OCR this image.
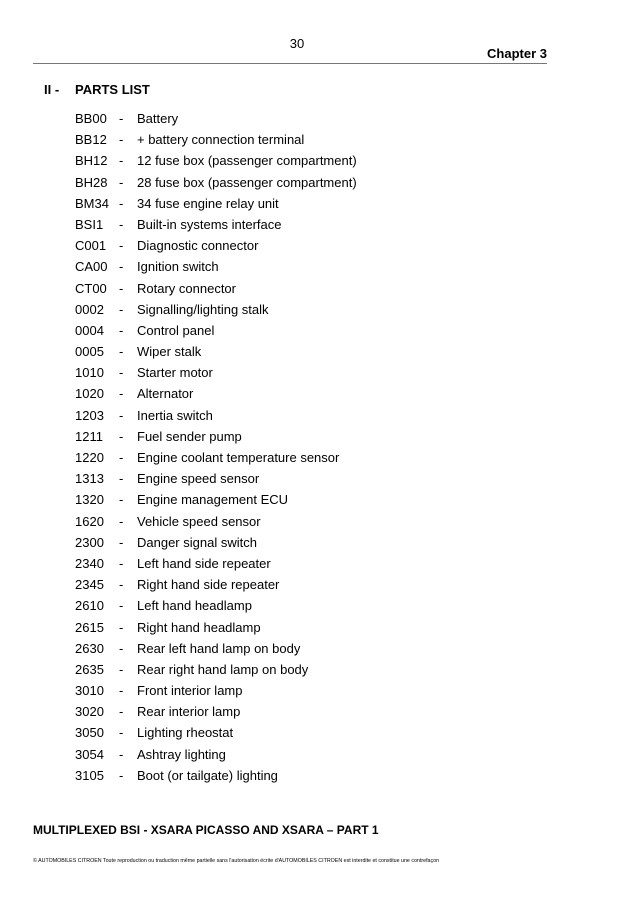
30
Chapter 3
II - PARTS LIST
BB00 - Battery
BB12 - + battery connection terminal
BH12 - 12 fuse box (passenger compartment)
BH28 - 28 fuse box (passenger compartment)
BM34 - 34 fuse engine relay unit
BSI1 - Built-in systems interface
C001 - Diagnostic connector
CA00 - Ignition switch
CT00 - Rotary connector
0002 - Signalling/lighting stalk
0004 - Control panel
0005 - Wiper stalk
1010 - Starter motor
1020 - Alternator
1203 - Inertia switch
1211 - Fuel sender pump
1220 - Engine coolant temperature sensor
1313 - Engine speed sensor
1320 - Engine management ECU
1620 - Vehicle speed sensor
2300 - Danger signal switch
2340 - Left hand side repeater
2345 - Right hand side repeater
2610 - Left hand headlamp
2615 - Right hand headlamp
2630 - Rear left hand lamp on body
2635 - Rear right hand lamp on body
3010 - Front interior lamp
3020 - Rear interior lamp
3050 - Lighting rheostat
3054 - Ashtray lighting
3105 - Boot (or tailgate) lighting
MULTIPLEXED BSI - XSARA PICASSO AND XSARA – PART 1
© AUTOMOBILES CITROËN Toute reproduction ou traduction même partielle sans l'autorisation écrite d'AUTOMOBILES CITROËN est interdite et constitue une contrefaçon
